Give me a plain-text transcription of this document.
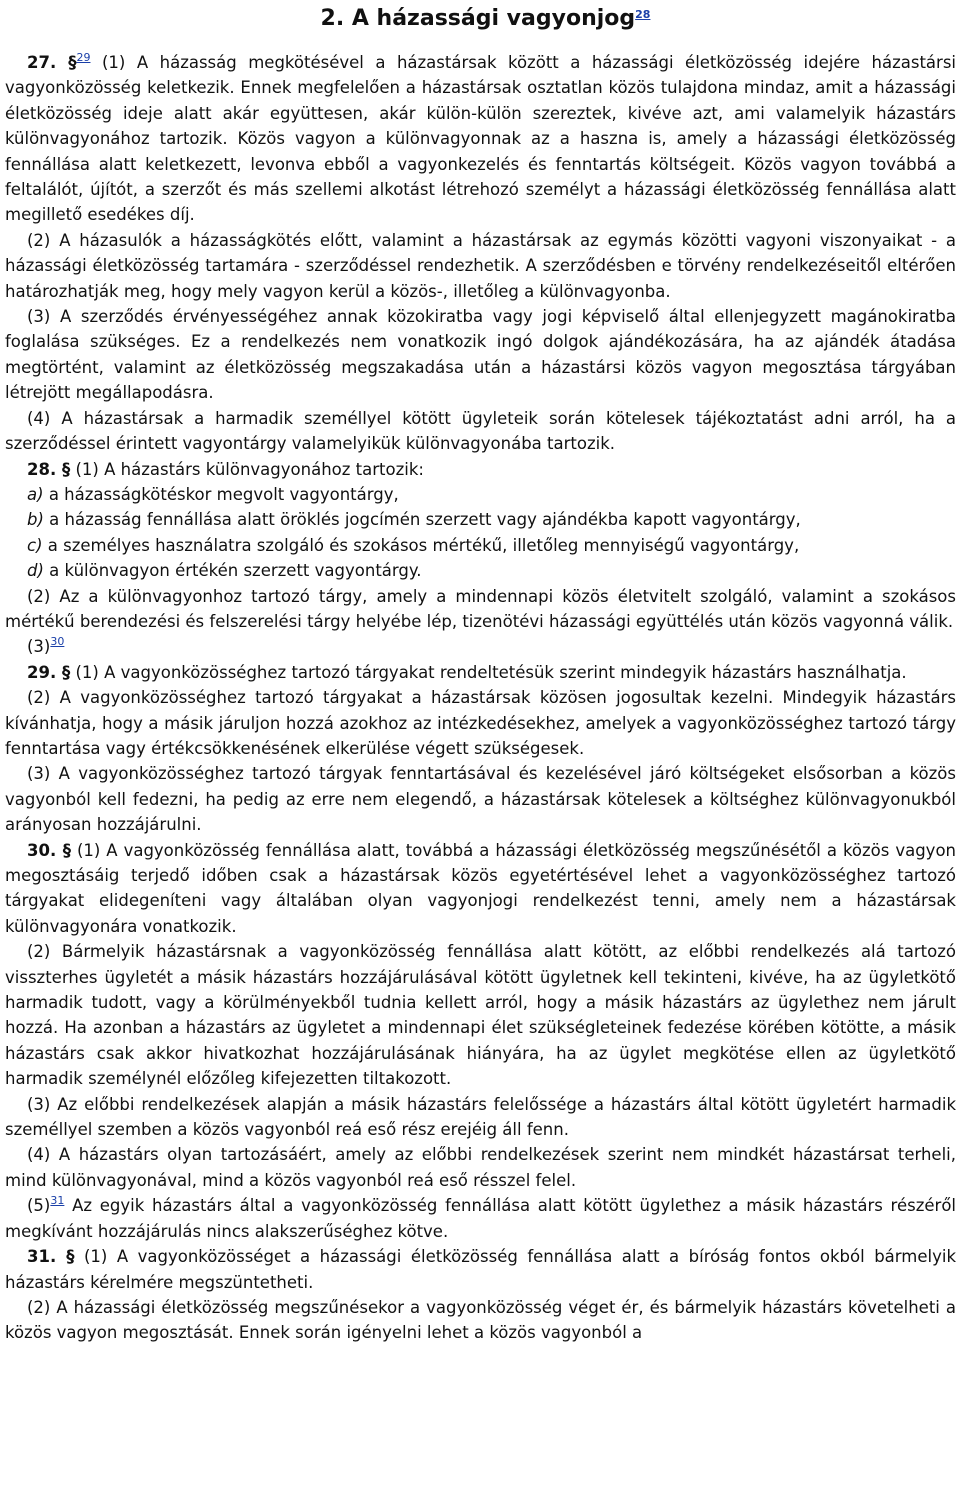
2. A házassági vagyonjog$^{28}$

27. §$^{29}$ (1) A házasság megkötésével a házastársak között a házassági életközösség idejére házastársi vagyonközösség keletkezik. Ennek megfelelően a házastársak osztatlan közös tulajdona mindaz, amit a házassági életközösség ideje alatt akár együttesen, akár külön-külön szereztek, kivéve azt, ami valamelyik házastárs különvagyonához tartozik. Közös vagyon a különvagyonnak az a haszna is, amely a házassági életközösség fennállása alatt keletkezett, levonva ebből a vagyonkezelés és fenntartás költségeit. Közös vagyon továbbá a feltalálót, újítót, a szerzőt és más szellemi alkotást létrehozó személyt a házassági életközösség fennállása alatt megillető esedékes díj.

(2) A házasulók a házasságkötés előtt, valamint a házastársak az egymás közötti vagyoni viszonyaikat - a házassági életközösség tartamára - szerződéssel rendezhetik. A szerződésben e törvény rendelkezéseitől eltérően határozhatják meg, hogy mely vagyon kerül a közös-, illetőleg a különvagyonba.

(3) A szerződés érvényességéhez annak közokiratba vagy jogi képviselő által ellenjegyzett magánokiratba foglalása szükséges. Ez a rendelkezés nem vonatkozik ingó dolgok ajándékozására, ha az ajándék átadása megtörtént, valamint az életközösség megszakadása után a házastársi közös vagyon megosztása tárgyában létrejött megállapodásra.

(4) A házastársak a harmadik személlyel kötött ügyleteik során kötelesek tájékoztatást adni arról, ha a szerződéssel érintett vagyontárgy valamelyikük különvagyonába tartozik.

28. § (1) A házastárs különvagyonához tartozik:

a) a házasságkötéskor megvolt vagyontárgy,

b) a házasság fennállása alatt öröklés jogcímén szerzett vagy ajándékba kapott vagyontárgy,

c) a személyes használatra szolgáló és szokásos mértékű, illetőleg mennyiségű vagyontárgy,

d) a különvagyon értékén szerzett vagyontárgy.

(2) Az a különvagyonhoz tartozó tárgy, amely a mindennapi közös életvitelt szolgáló, valamint a szokásos mértékű berendezési és felszerelési tárgy helyébe lép, tizenötévi házassági együttélés után közös vagyonná válik.

(3)$^{30}$

29. § (1) A vagyonközösséghez tartozó tárgyakat rendeltetésük szerint mindegyik házastárs használhatja.

(2) A vagyonközösséghez tartozó tárgyakat a házastársak közösen jogosultak kezelni. Mindegyik házastárs kívánhatja, hogy a másik járuljon hozzá azokhoz az intézkedésekhez, amelyek a vagyonközösséghez tartozó tárgy fenntartása vagy értékcsökkenésének elkerülése végett szükségesek.

(3) A vagyonközösséghez tartozó tárgyak fenntartásával és kezelésével járó költségeket elsősorban a közös vagyonból kell fedezni, ha pedig az erre nem elegendő, a házastársak kötelesek a költséghez különvagyonukból arányosan hozzájárulni.

30. § (1) A vagyonközösség fennállása alatt, továbbá a házassági életközösség megszűnésétől a közös vagyon megosztásáig terjedő időben csak a házastársak közös egyetértésével lehet a vagyonközösséghez tartozó tárgyakat elidegeníteni vagy általában olyan vagyonjogi rendelkezést tenni, amely nem a házastársak különvagyonára vonatkozik.

(2) Bármelyik házastársnak a vagyonközösség fennállása alatt kötött, az előbbi rendelkezés alá tartozó visszterhes ügyletét a másik házastárs hozzájárulásával kötött ügyletnek kell tekinteni, kivéve, ha az ügyletkötő harmadik tudott, vagy a körülményekből tudnia kellett arról, hogy a másik házastárs az ügylethez nem járult hozzá. Ha azonban a házastárs az ügyletet a mindennapi élet szükségleteinek fedezése körében kötötte, a másik házastárs csak akkor hivatkozhat hozzájárulásának hiányára, ha az ügylet megkötése ellen az ügyletkötő harmadik személynél előzőleg kifejezetten tiltakozott.

(3) Az előbbi rendelkezések alapján a másik házastárs felelőssége a házastárs által kötött ügyletért harmadik személlyel szemben a közös vagyonból reá eső rész erejéig áll fenn.

(4) A házastárs olyan tartozásáért, amely az előbbi rendelkezések szerint nem mindkét házastársat terheli, mind különvagyonával, mind a közös vagyonból reá eső résszel felel.

(5)$^{31}$ Az egyik házastárs által a vagyonközösség fennállása alatt kötött ügylethez a másik házastárs részéről megkívánt hozzájárulás nincs alakszerűséghez kötve.

31. § (1) A vagyonközösséget a házassági életközösség fennállása alatt a bíróság fontos okból bármelyik házastárs kérelmére megszüntetheti.

(2) A házassági életközösség megszűnésekor a vagyonközösség véget ér, és bármelyik házastárs követelheti a közös vagyon megosztását. Ennek során igényelni lehet a közös vagyonból a
